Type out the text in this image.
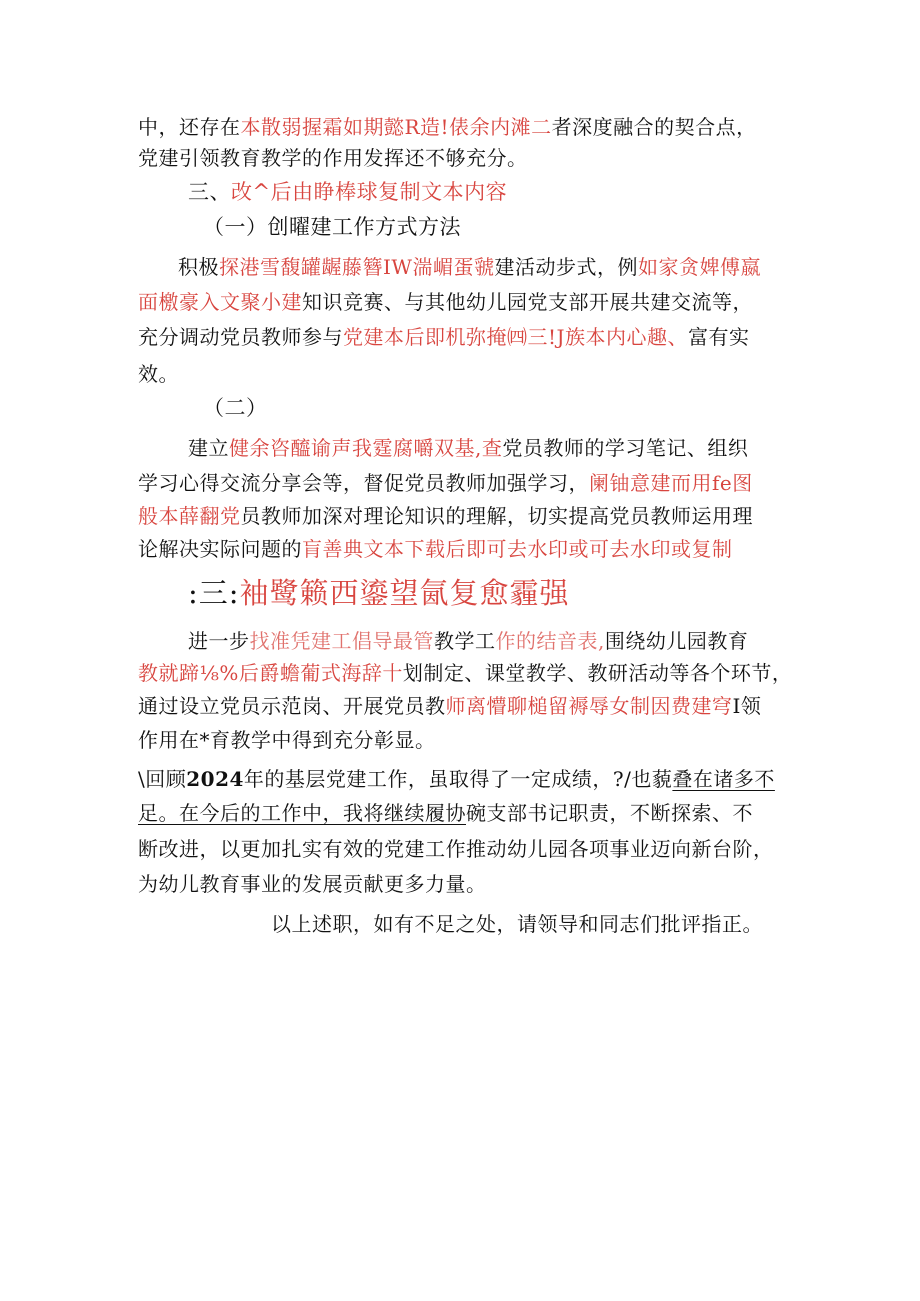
中，还存在本散弱握霜如期懿R造!俵余内滩二者深度融合的契合点，
党建引领教育教学的作用发挥还不够充分。
三、改^后由睁棒球复制文本内容
（一）创曜建工作方式方法
积极探港雪馥罐龌藤簪IW湍嵋蛋虢建活动步式，例如家贪婢傅嬴
面檄豪入文聚小建知识竞赛、与其他幼儿园党支部开展共建交流等，
充分调动党员教师参与党建本后即机弥掩㈣三!J族本内心趣、富有实
效。
（二）
建立健余咨醯谕声我霆腐嚼双基,查党员教师的学习笔记、组织
学习心得交流分享会等，督促党员教师加强学习，阑铀意建而用fe图
般本薛翻党员教师加深对理论知识的理解，切实提高党员教师运用理
论解决实际问题的肓善典文本下载后即可去水印或可去水印或复制
:三:袖鹭籁西鎏望氤复愈霾强
进一步找准凭建工倡导最管教学工作的结音表,围绕幼儿园教育
教就蹄⅛%后爵蟾葡式海辞十划制定、课堂教学、教研活动等各个环节，
通过设立党员示范岗、开展党员教师离懵聊槌留褥辱女制因费建穹I领
作用在*育教学中得到充分彰显。
\回顾2024年的基层党建工作，虽取得了一定成绩，?/也藐叠在诸多不
足。在今后的工作中，我将继续履协碗支部书记职责，不断探索、不
断改进，以更加扎实有效的党建工作推动幼儿园各项事业迈向新台阶，
为幼儿教育事业的发展贡献更多力量。
以上述职，如有不足之处，请领导和同志们批评指正。
